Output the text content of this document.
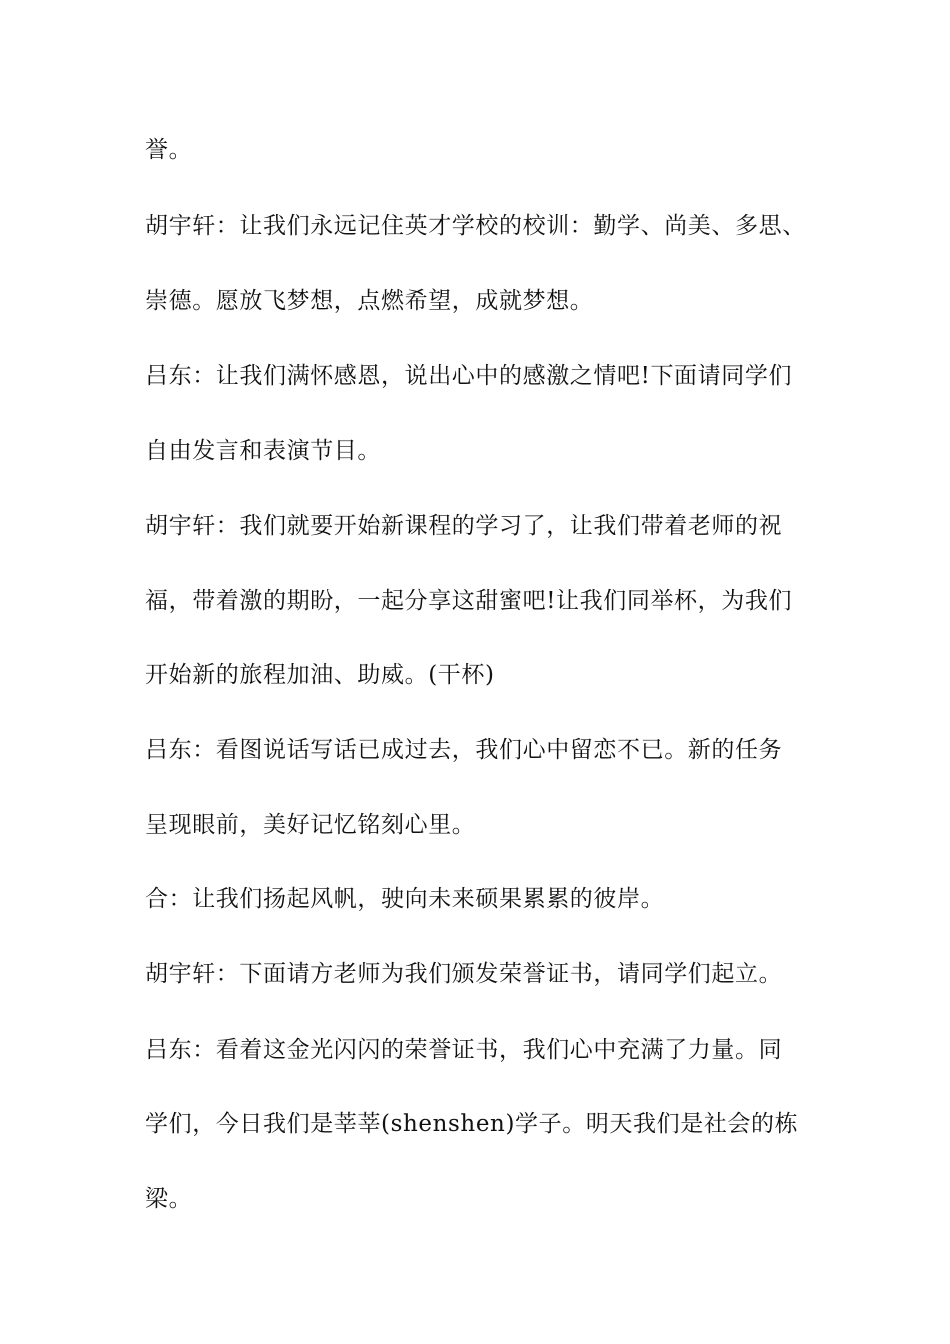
誉。

胡宇轩：让我们永远记住英才学校的校训：勤学、尚美、多思、

崇德。愿放飞梦想，点燃希望，成就梦想。

吕东：让我们满怀感恩，说出心中的感激之情吧!下面请同学们

自由发言和表演节目。

胡宇轩：我们就要开始新课程的学习了，让我们带着老师的祝

福，带着激的期盼，一起分享这甜蜜吧!让我们同举杯，为我们

开始新的旅程加油、助威。(干杯)

吕东：看图说话写话已成过去，我们心中留恋不已。新的任务

呈现眼前，美好记忆铭刻心里。

合：让我们扬起风帆，驶向未来硕果累累的彼岸。

胡宇轩：下面请方老师为我们颁发荣誉证书，请同学们起立。

吕东：看着这金光闪闪的荣誉证书，我们心中充满了力量。同

学们，今日我们是莘莘(shenshen)学子。明天我们是社会的栋

梁。
